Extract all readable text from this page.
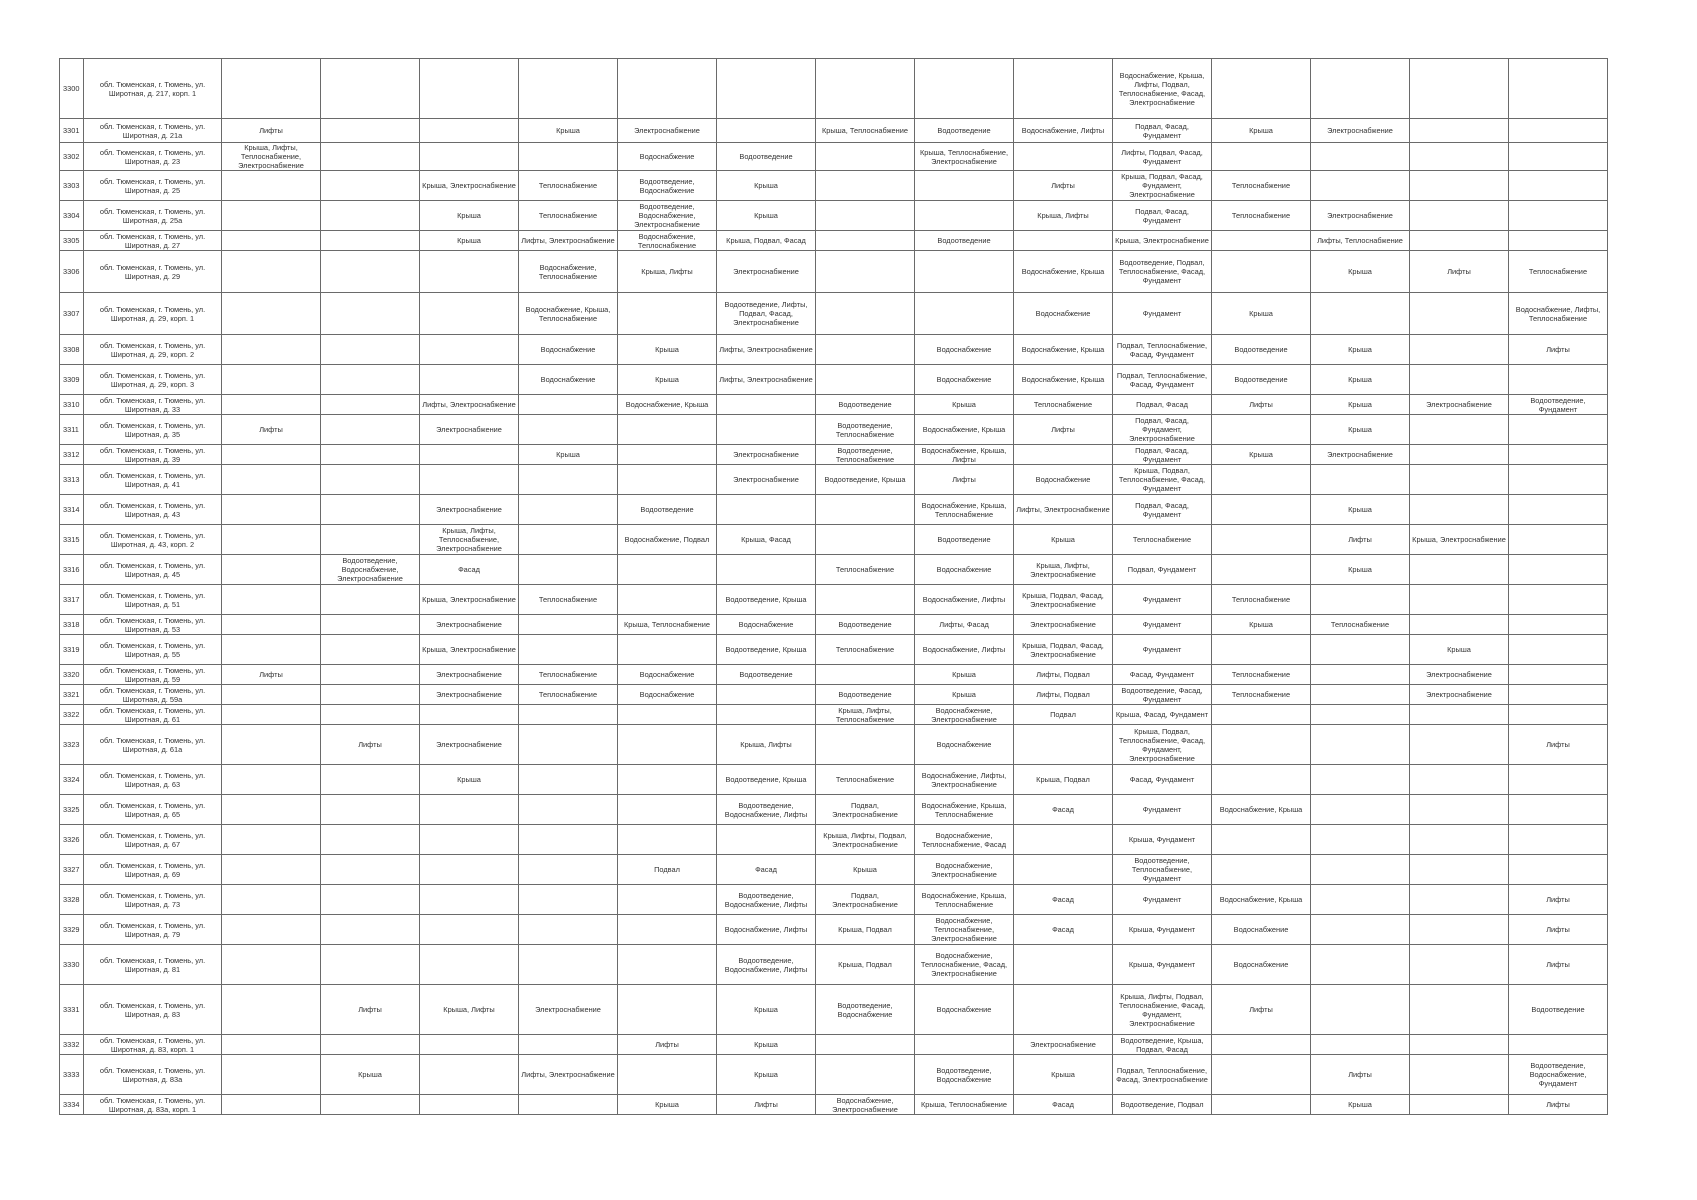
3300	обл. Тюменская, г. Тюмень, ул. Широтная, д. 217, корп. 1										Водоснабжение, Крыша, Лифты, Подвал, Теплоснабжение, Фасад, Электроснабжение				
3301	обл. Тюменская, г. Тюмень, ул. Широтная, д. 21а	Лифты			Крыша	Электроснабжение		Крыша, Теплоснабжение	Водоотведение	Водоснабжение, Лифты	Подвал, Фасад, Фундамент	Крыша	Электроснабжение		
3302	обл. Тюменская, г. Тюмень, ул. Широтная, д. 23	Крыша, Лифты, Теплоснабжение, Электроснабжение				Водоснабжение	Водоотведение		Крыша, Теплоснабжение, Электроснабжение		Лифты, Подвал, Фасад, Фундамент				
3303	обл. Тюменская, г. Тюмень, ул. Широтная, д. 25			Крыша, Электроснабжение	Теплоснабжение	Водоотведение, Водоснабжение	Крыша			Лифты	Крыша, Подвал, Фасад, Фундамент, Электроснабжение	Теплоснабжение			
3304	обл. Тюменская, г. Тюмень, ул. Широтная, д. 25а			Крыша	Теплоснабжение	Водоотведение, Водоснабжение, Электроснабжение	Крыша			Крыша, Лифты	Подвал, Фасад, Фундамент	Теплоснабжение	Электроснабжение		
3305	обл. Тюменская, г. Тюмень, ул. Широтная, д. 27			Крыша	Лифты, Электроснабжение	Водоснабжение, Теплоснабжение	Крыша, Подвал, Фасад		Водоотведение		Крыша, Электроснабжение		Лифты, Теплоснабжение		
3306	обл. Тюменская, г. Тюмень, ул. Широтная, д. 29				Водоснабжение, Теплоснабжение	Крыша, Лифты	Электроснабжение			Водоснабжение, Крыша	Водоотведение, Подвал, Теплоснабжение, Фасад, Фундамент		Крыша	Лифты	Теплоснабжение
3307	обл. Тюменская, г. Тюмень, ул. Широтная, д. 29, корп. 1				Водоснабжение, Крыша, Теплоснабжение		Водоотведение, Лифты, Подвал, Фасад, Электроснабжение			Водоснабжение	Фундамент	Крыша			Водоснабжение, Лифты, Теплоснабжение
3308	обл. Тюменская, г. Тюмень, ул. Широтная, д. 29, корп. 2				Водоснабжение	Крыша	Лифты, Электроснабжение		Водоснабжение	Водоснабжение, Крыша	Подвал, Теплоснабжение, Фасад, Фундамент	Водоотведение	Крыша		Лифты
3309	обл. Тюменская, г. Тюмень, ул. Широтная, д. 29, корп. 3				Водоснабжение	Крыша	Лифты, Электроснабжение		Водоснабжение	Водоснабжение, Крыша	Подвал, Теплоснабжение, Фасад, Фундамент	Водоотведение	Крыша		
3310	обл. Тюменская, г. Тюмень, ул. Широтная, д. 33			Лифты, Электроснабжение		Водоснабжение, Крыша		Водоотведение	Крыша	Теплоснабжение	Подвал, Фасад	Лифты	Крыша	Электроснабжение	Водоотведение, Фундамент
3311	обл. Тюменская, г. Тюмень, ул. Широтная, д. 35	Лифты		Электроснабжение				Водоотведение, Теплоснабжение	Водоснабжение, Крыша	Лифты	Подвал, Фасад, Фундамент, Электроснабжение		Крыша		
3312	обл. Тюменская, г. Тюмень, ул. Широтная, д. 39				Крыша		Электроснабжение	Водоотведение, Теплоснабжение	Водоснабжение, Крыша, Лифты		Подвал, Фасад, Фундамент	Крыша	Электроснабжение		
3313	обл. Тюменская, г. Тюмень, ул. Широтная, д. 41						Электроснабжение	Водоотведение, Крыша	Лифты	Водоснабжение	Крыша, Подвал, Теплоснабжение, Фасад, Фундамент				
3314	обл. Тюменская, г. Тюмень, ул. Широтная, д. 43			Электроснабжение		Водоотведение			Водоснабжение, Крыша, Теплоснабжение	Лифты, Электроснабжение	Подвал, Фасад, Фундамент		Крыша		
3315	обл. Тюменская, г. Тюмень, ул. Широтная, д. 43, корп. 2			Крыша, Лифты, Теплоснабжение, Электроснабжение		Водоснабжение, Подвал	Крыша, Фасад		Водоотведение	Крыша	Теплоснабжение		Лифты	Крыша, Электроснабжение	
3316	обл. Тюменская, г. Тюмень, ул. Широтная, д. 45		Водоотведение, Водоснабжение, Электроснабжение	Фасад				Теплоснабжение	Водоснабжение	Крыша, Лифты, Электроснабжение	Подвал, Фундамент		Крыша		
3317	обл. Тюменская, г. Тюмень, ул. Широтная, д. 51			Крыша, Электроснабжение	Теплоснабжение		Водоотведение, Крыша		Водоснабжение, Лифты	Крыша, Подвал, Фасад, Электроснабжение	Фундамент	Теплоснабжение			
3318	обл. Тюменская, г. Тюмень, ул. Широтная, д. 53			Электроснабжение		Крыша, Теплоснабжение	Водоснабжение	Водоотведение	Лифты, Фасад	Электроснабжение	Фундамент	Крыша	Теплоснабжение		
3319	обл. Тюменская, г. Тюмень, ул. Широтная, д. 55			Крыша, Электроснабжение			Водоотведение, Крыша	Теплоснабжение	Водоснабжение, Лифты	Крыша, Подвал, Фасад, Электроснабжение	Фундамент			Крыша	
3320	обл. Тюменская, г. Тюмень, ул. Широтная, д. 59	Лифты		Электроснабжение	Теплоснабжение	Водоснабжение	Водоотведение		Крыша	Лифты, Подвал	Фасад, Фундамент	Теплоснабжение		Электроснабжение	
3321	обл. Тюменская, г. Тюмень, ул. Широтная, д. 59а			Электроснабжение	Теплоснабжение	Водоснабжение		Водоотведение	Крыша	Лифты, Подвал	Водоотведение, Фасад, Фундамент	Теплоснабжение		Электроснабжение	
3322	обл. Тюменская, г. Тюмень, ул. Широтная, д. 61							Крыша, Лифты, Теплоснабжение	Водоснабжение, Электроснабжение	Подвал	Крыша, Фасад, Фундамент				
3323	обл. Тюменская, г. Тюмень, ул. Широтная, д. 61а		Лифты	Электроснабжение			Крыша, Лифты		Водоснабжение		Крыша, Подвал, Теплоснабжение, Фасад, Фундамент, Электроснабжение				Лифты
3324	обл. Тюменская, г. Тюмень, ул. Широтная, д. 63			Крыша			Водоотведение, Крыша	Теплоснабжение	Водоснабжение, Лифты, Электроснабжение	Крыша, Подвал	Фасад, Фундамент				
3325	обл. Тюменская, г. Тюмень, ул. Широтная, д. 65						Водоотведение, Водоснабжение, Лифты	Подвал, Электроснабжение	Водоснабжение, Крыша, Теплоснабжение	Фасад	Фундамент	Водоснабжение, Крыша			
3326	обл. Тюменская, г. Тюмень, ул. Широтная, д. 67							Крыша, Лифты, Подвал, Электроснабжение	Водоснабжение, Теплоснабжение, Фасад		Крыша, Фундамент				
3327	обл. Тюменская, г. Тюмень, ул. Широтная, д. 69					Подвал	Фасад	Крыша	Водоснабжение, Электроснабжение		Водоотведение, Теплоснабжение, Фундамент				
3328	обл. Тюменская, г. Тюмень, ул. Широтная, д. 73						Водоотведение, Водоснабжение, Лифты	Подвал, Электроснабжение	Водоснабжение, Крыша, Теплоснабжение	Фасад	Фундамент	Водоснабжение, Крыша			Лифты
3329	обл. Тюменская, г. Тюмень, ул. Широтная, д. 79						Водоснабжение, Лифты	Крыша, Подвал	Водоснабжение, Теплоснабжение, Электроснабжение	Фасад	Крыша, Фундамент	Водоснабжение			Лифты
3330	обл. Тюменская, г. Тюмень, ул. Широтная, д. 81						Водоотведение, Водоснабжение, Лифты	Крыша, Подвал	Водоснабжение, Теплоснабжение, Фасад, Электроснабжение		Крыша, Фундамент	Водоснабжение			Лифты
3331	обл. Тюменская, г. Тюмень, ул. Широтная, д. 83		Лифты	Крыша, Лифты	Электроснабжение		Крыша	Водоотведение, Водоснабжение	Водоснабжение		Крыша, Лифты, Подвал, Теплоснабжение, Фасад, Фундамент, Электроснабжение	Лифты			Водоотведение
3332	обл. Тюменская, г. Тюмень, ул. Широтная, д. 83, корп. 1					Лифты	Крыша			Электроснабжение	Водоотведение, Крыша, Подвал, Фасад				
3333	обл. Тюменская, г. Тюмень, ул. Широтная, д. 83а		Крыша		Лифты, Электроснабжение		Крыша		Водоотведение, Водоснабжение	Крыша	Подвал, Теплоснабжение, Фасад, Электроснабжение		Лифты		Водоотведение, Водоснабжение, Фундамент
3334	обл. Тюменская, г. Тюмень, ул. Широтная, д. 83а, корп. 1					Крыша	Лифты	Водоснабжение, Электроснабжение	Крыша, Теплоснабжение	Фасад	Водоотведение, Подвал		Крыша		Лифты
